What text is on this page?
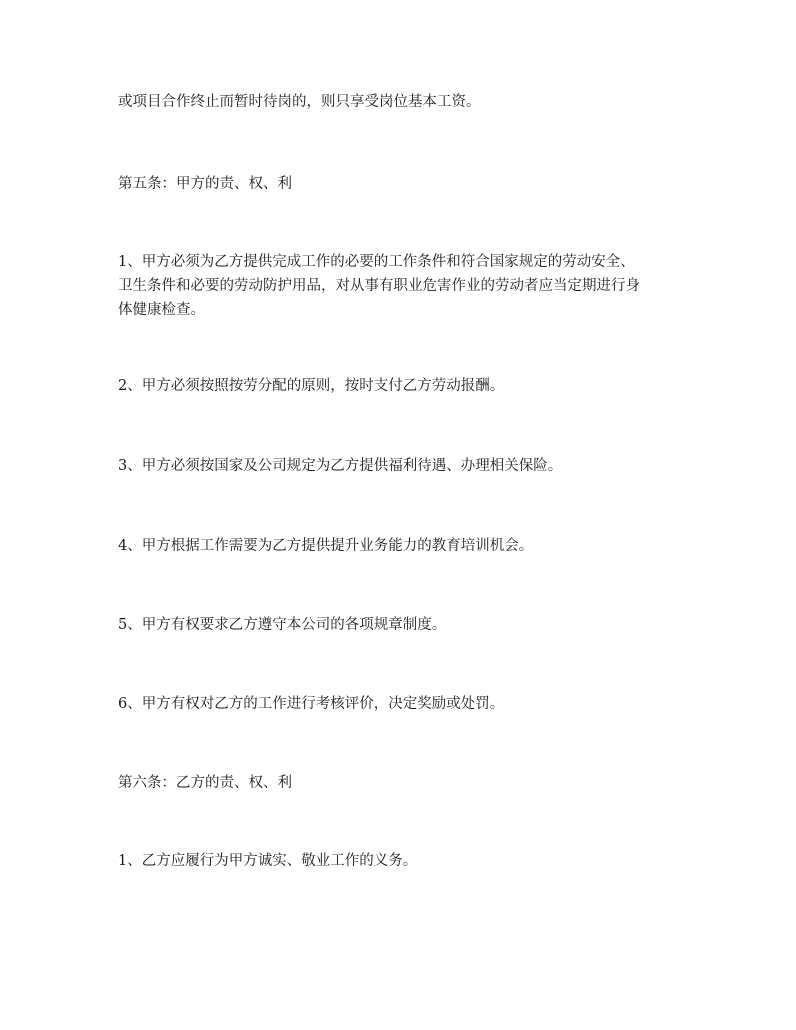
或项目合作终止而暂时待岗的，则只享受岗位基本工资。
第五条：甲方的责、权、利
1、甲方必须为乙方提供完成工作的必要的工作条件和符合国家规定的劳动安全、
卫生条件和必要的劳动防护用品，对从事有职业危害作业的劳动者应当定期进行身
体健康检查。
2、甲方必须按照按劳分配的原则，按时支付乙方劳动报酬。
3、甲方必须按国家及公司规定为乙方提供福利待遇、办理相关保险。
4、甲方根据工作需要为乙方提供提升业务能力的教育培训机会。
5、甲方有权要求乙方遵守本公司的各项规章制度。
6、甲方有权对乙方的工作进行考核评价，决定奖励或处罚。
第六条：乙方的责、权、利
1、乙方应履行为甲方诚实、敬业工作的义务。
